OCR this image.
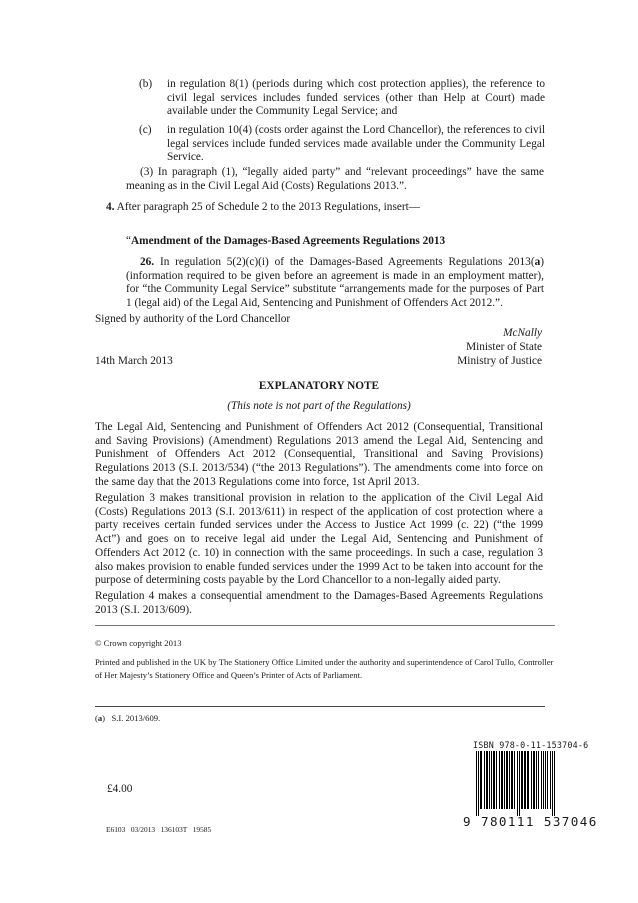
(b) in regulation 8(1) (periods during which cost protection applies), the reference to civil legal services includes funded services (other than Help at Court) made available under the Community Legal Service; and
(c) in regulation 10(4) (costs order against the Lord Chancellor), the references to civil legal services include funded services made available under the Community Legal Service.
(3) In paragraph (1), “legally aided party” and “relevant proceedings” have the same meaning as in the Civil Legal Aid (Costs) Regulations 2013.”.
4. After paragraph 25 of Schedule 2 to the 2013 Regulations, insert—
“Amendment of the Damages-Based Agreements Regulations 2013
26. In regulation 5(2)(c)(i) of the Damages-Based Agreements Regulations 2013(a) (information required to be given before an agreement is made in an employment matter), for “the Community Legal Service” substitute “arrangements made for the purposes of Part 1 (legal aid) of the Legal Aid, Sentencing and Punishment of Offenders Act 2012.”.
Signed by authority of the Lord Chancellor
McNally
Minister of State
14th March 2013	Ministry of Justice
EXPLANATORY NOTE
(This note is not part of the Regulations)
The Legal Aid, Sentencing and Punishment of Offenders Act 2012 (Consequential, Transitional and Saving Provisions) (Amendment) Regulations 2013 amend the Legal Aid, Sentencing and Punishment of Offenders Act 2012 (Consequential, Transitional and Saving Provisions) Regulations 2013 (S.I. 2013/534) (“the 2013 Regulations”). The amendments come into force on the same day that the 2013 Regulations come into force, 1st April 2013.
Regulation 3 makes transitional provision in relation to the application of the Civil Legal Aid (Costs) Regulations 2013 (S.I. 2013/611) in respect of the application of cost protection where a party receives certain funded services under the Access to Justice Act 1999 (c. 22) (“the 1999 Act”) and goes on to receive legal aid under the Legal Aid, Sentencing and Punishment of Offenders Act 2012 (c. 10) in connection with the same proceedings. In such a case, regulation 3 also makes provision to enable funded services under the 1999 Act to be taken into account for the purpose of determining costs payable by the Lord Chancellor to a non-legally aided party.
Regulation 4 makes a consequential amendment to the Damages-Based Agreements Regulations 2013 (S.I. 2013/609).
© Crown copyright 2013
Printed and published in the UK by The Stationery Office Limited under the authority and superintendence of Carol Tullo, Controller of Her Majesty’s Stationery Office and Queen’s Printer of Acts of Parliament.
(a)   S.I. 2013/609.
ISBN 978-0-11-153704-6
9 780111 537046
£4.00
E6103   03/2013   136103T   19585
